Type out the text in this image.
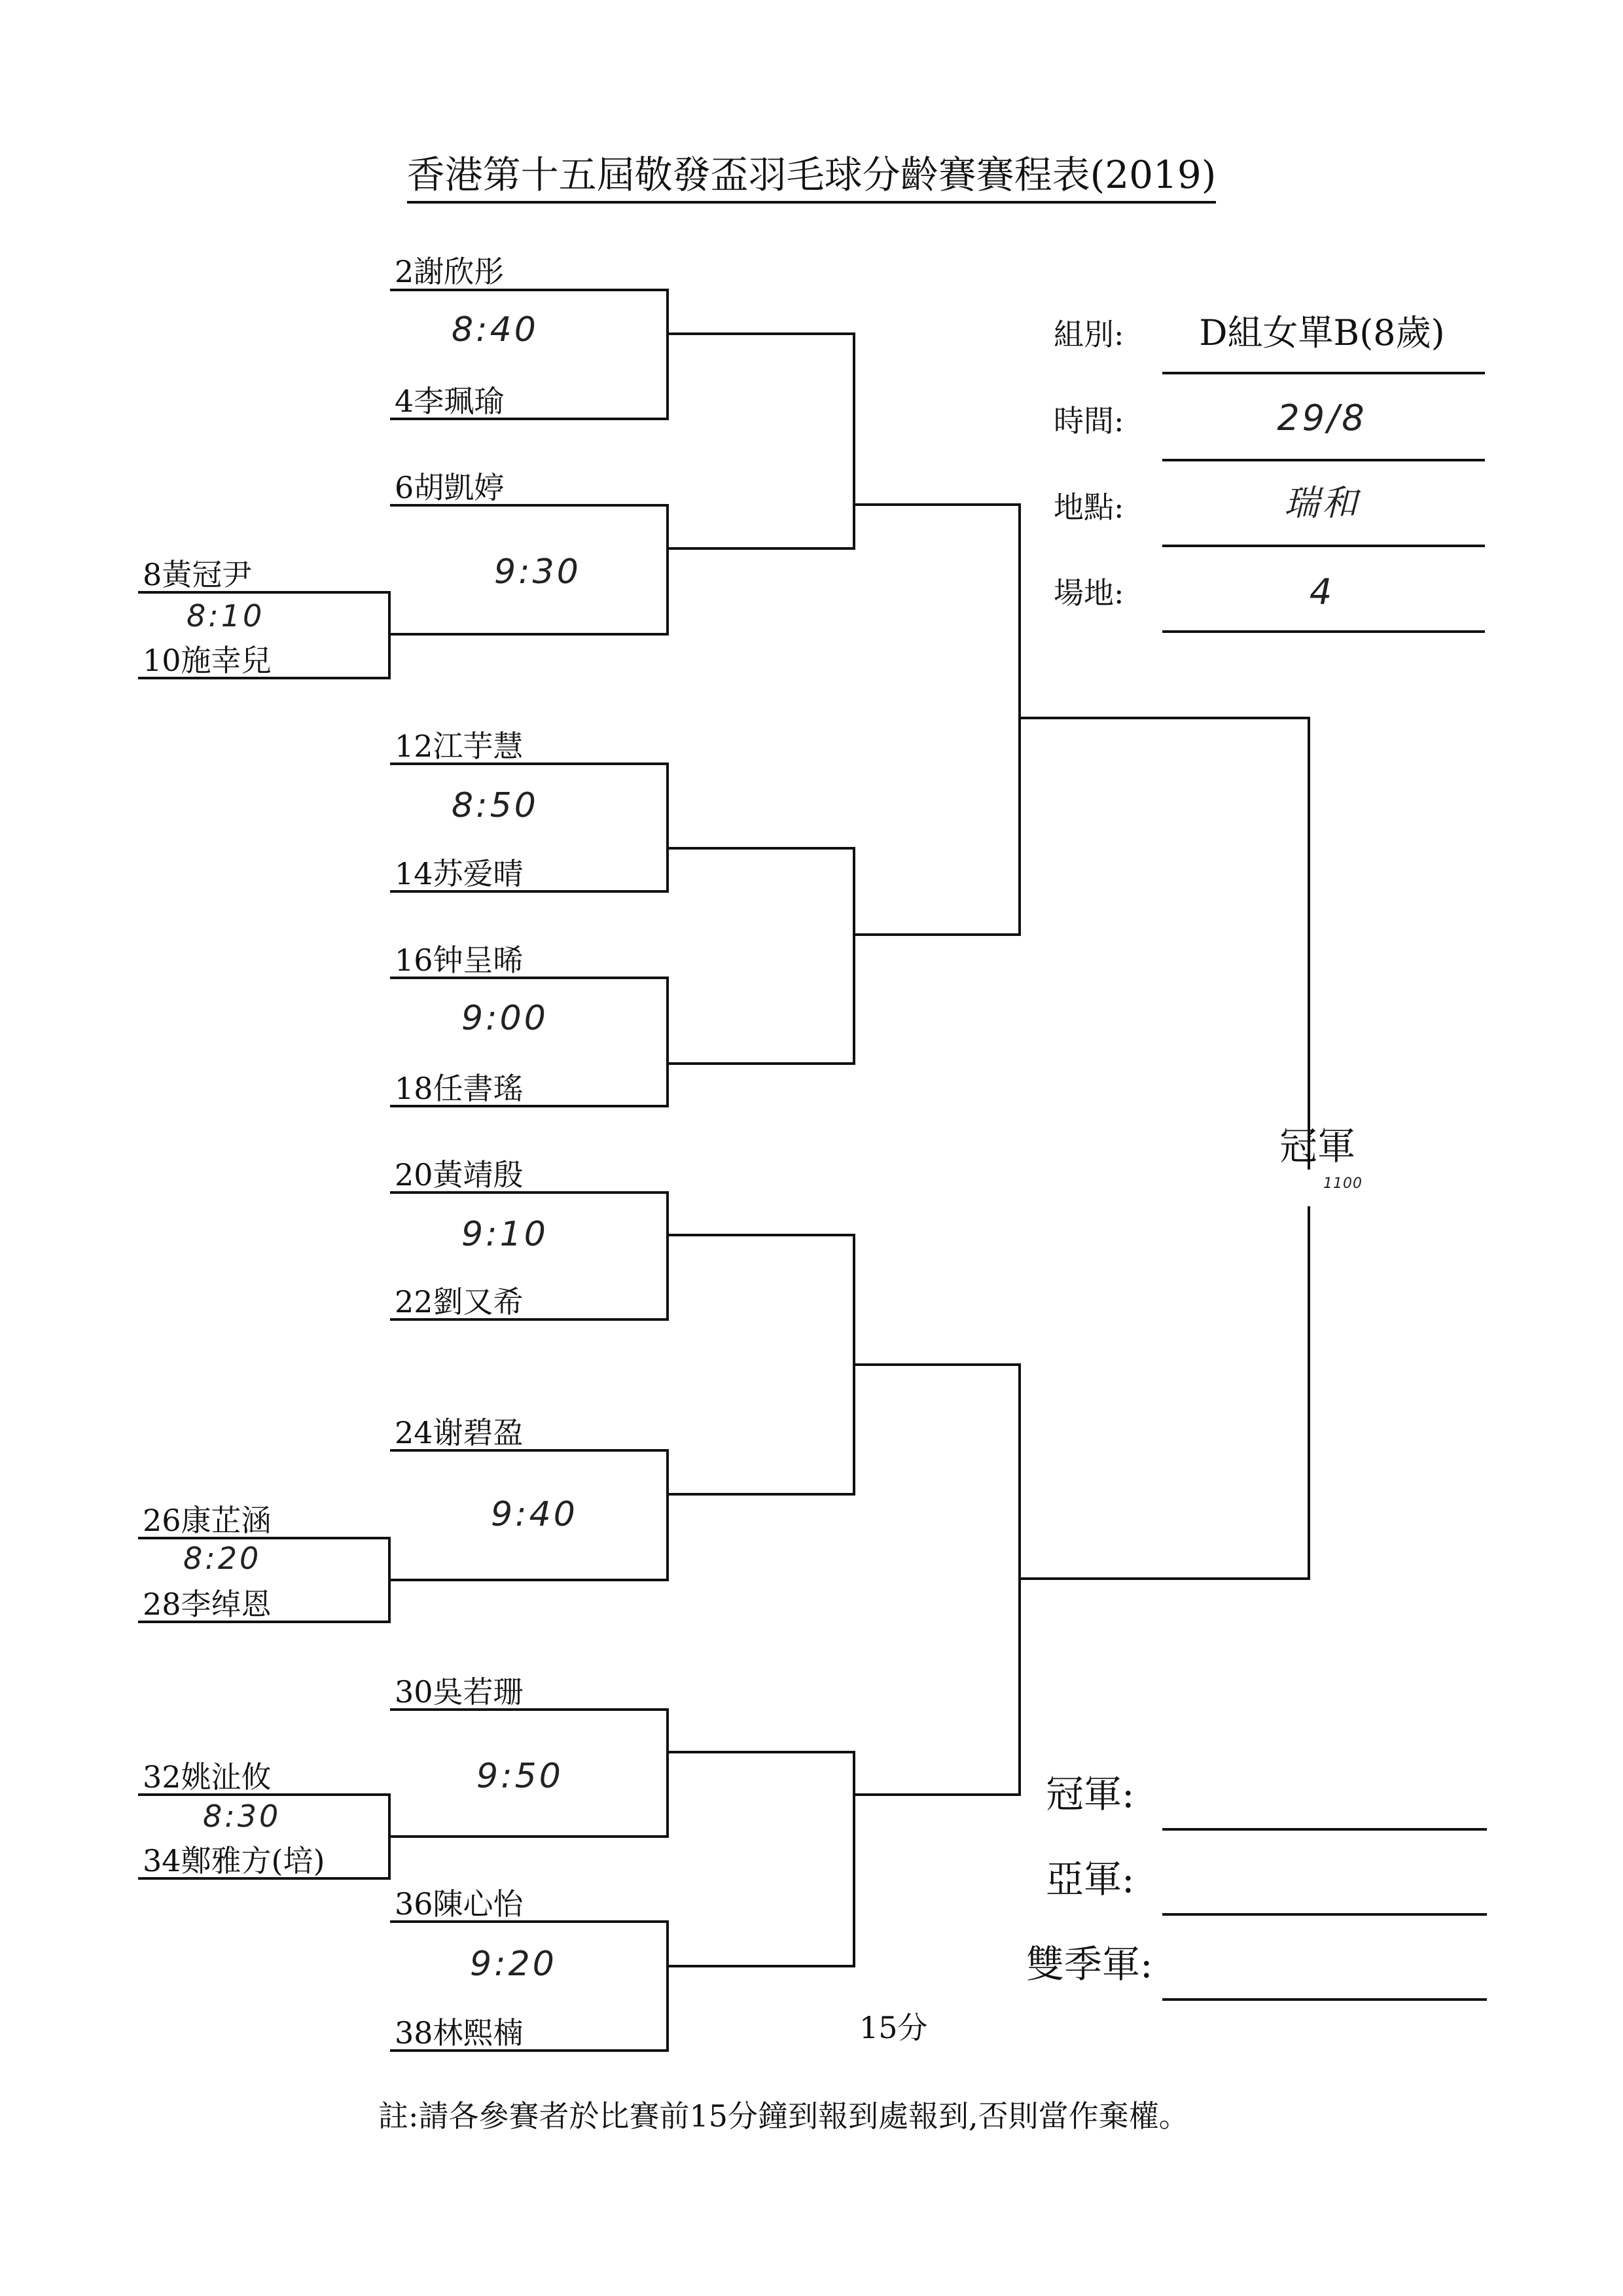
香港第十五屆敬發盃羽毛球分齡賽賽程表(2019)
組別:	D組女單B(8歲)
時間:	29/8
地點:	瑞和
場地:	4
2謝欣彤
4李珮瑜
6胡凱婷
8黃冠尹
10施幸兒
12江芋慧
14苏爱晴
16钟呈晞
18任書瑤
20黃靖殷
22劉又希
24谢碧盈
26康芷涵
28李绰恩
30吳若珊
32姚沚攸
34鄭雅方(培)
36陳心怡
38林熙楠
8:40
9:30
8:10
8:50
9:00
9:10
9:40
8:20
9:50
8:30
9:20
冠軍
1100
冠軍:
亞軍:
雙季軍:
15分
註:請各參賽者於比賽前15分鐘到報到處報到,否則當作棄權。
